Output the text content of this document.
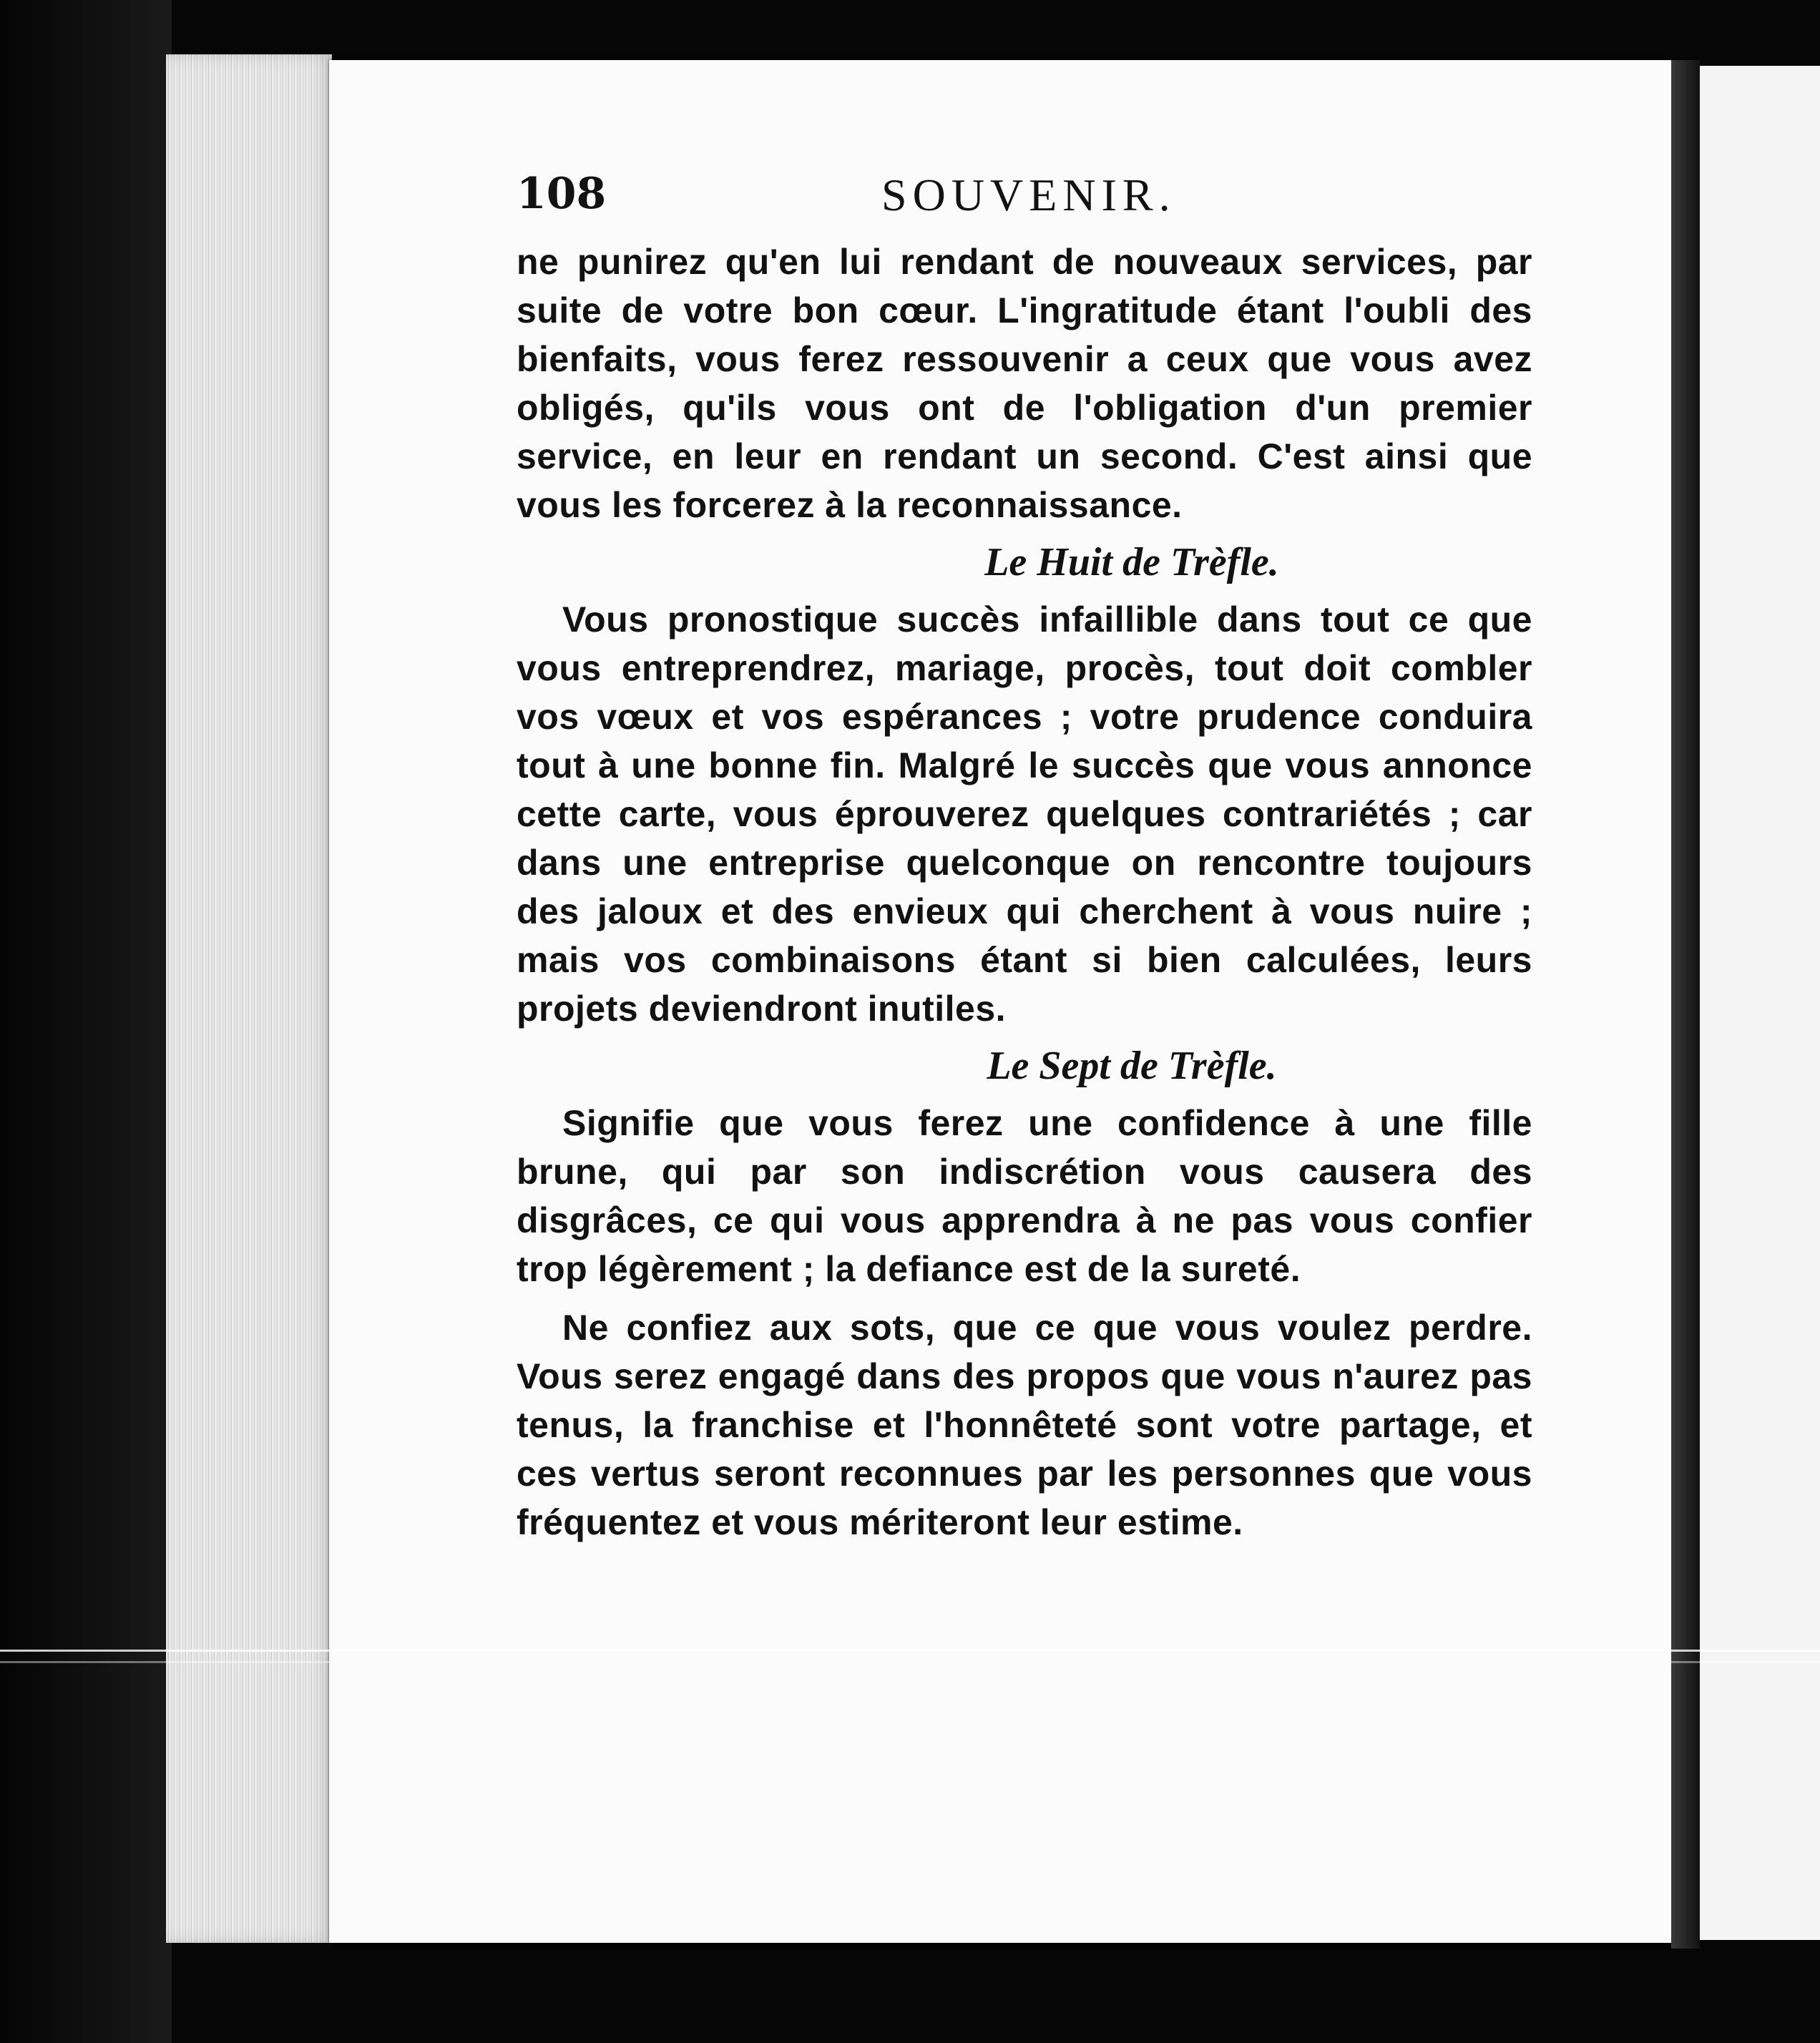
108	SOUVENIR.

ne punirez qu'en lui rendant de nouveaux services, par suite de votre bon cœur. L'ingratitude étant l'oubli des bienfaits, vous ferez ressouvenir a ceux que vous avez obligés, qu'ils vous ont de l'obligation d'un premier service, en leur en rendant un second. C'est ainsi que vous les forcerez à la reconnaissance.

Le Huit de Trèfle.

Vous pronostique succès infaillible dans tout ce que vous entreprendrez, mariage, procès, tout doit combler vos vœux et vos espérances ; votre prudence conduira tout à une bonne fin. Malgré le succès que vous annonce cette carte, vous éprouverez quelques contrariétés ; car dans une entreprise quelconque on rencontre toujours des jaloux et des envieux qui cherchent à vous nuire ; mais vos combinaisons étant si bien calculées, leurs projets deviendront inutiles.

Le Sept de Trèfle.

Signifie que vous ferez une confidence à une fille brune, qui par son indiscrétion vous causera des disgrâces, ce qui vous apprendra à ne pas vous confier trop légèrement ; la defiance est de la sureté.

Ne confiez aux sots, que ce que vous voulez perdre. Vous serez engagé dans des propos que vous n'aurez pas tenus, la franchise et l'honnêteté sont votre partage, et ces vertus seront reconnues par les personnes que vous fréquentez et vous mériteront leur estime.
